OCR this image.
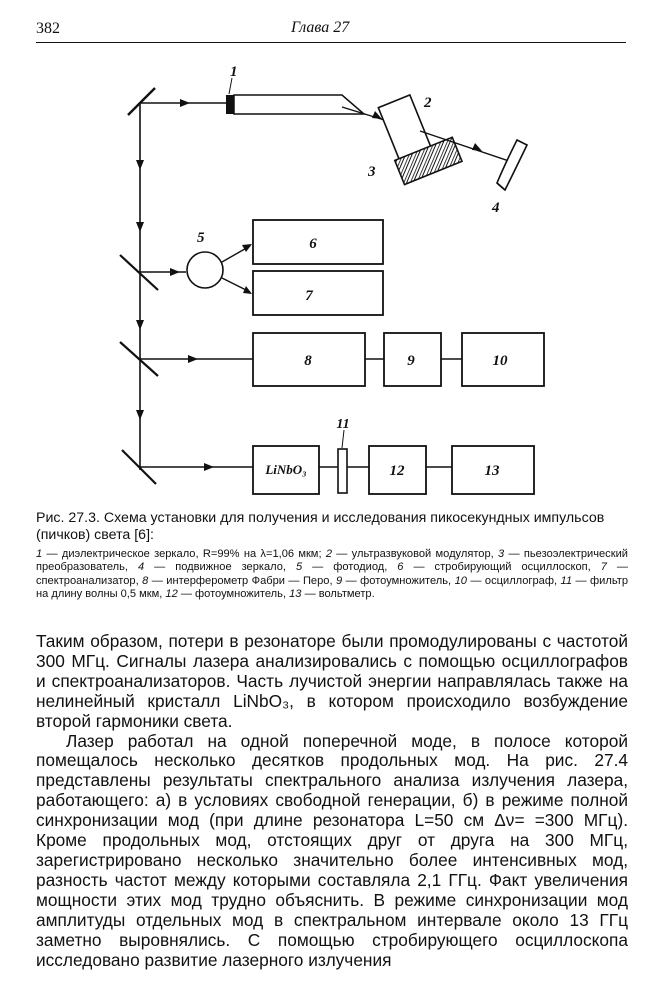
382	Глава 27
1
2
3
4
5	6
7
8	9	10
LiNbO₃
11
12	13

Рис. 27.3. Схема установки для получения и исследования пикосекундных импульсов (пичков) света [6]:

1 — диэлектрическое зеркало, R=99% на λ=1,06 мкм; 2 — ультразвуковой модулятор, 3 — пьезоэлектрический преобразователь, 4 — подвижное зеркало, 5 — фотодиод, 6 — стробирующий осциллоскоп, 7 — спектроанализатор, 8 — интерферометр Фабри — Перо, 9 — фотоумножитель, 10 — осциллограф, 11 — фильтр на длину волны 0,5 мкм, 12 — фотоумножитель, 13 — вольтметр.

Таким образом, потери в резонаторе были промодулированы с частотой 300 МГц. Сигналы лазера анализировались с помощью осциллографов и спектроанализаторов. Часть лучистой энергии направлялась также на нелинейный кристалл LiNbO₃, в котором происходило возбуждение второй гармоники света.

Лазер работал на одной поперечной моде, в полосе которой помещалось несколько десятков продольных мод. На рис. 27.4 представлены результаты спектрального анализа излучения лазера, работающего: а) в условиях свободной генерации, б) в режиме полной синхронизации мод (при длине резонатора L=50 см Δν= =300 МГц). Кроме продольных мод, отстоящих друг от друга на 300 МГц, зарегистрировано несколько значительно более интенсивных мод, разность частот между которыми составляла 2,1 ГГц. Факт увеличения мощности этих мод трудно объяснить. В режиме синхронизации мод амплитуды отдельных мод в спектральном интервале около 13 ГГц заметно выровнялись. С помощью стробирующего осциллоскопа исследовано развитие лазерного излучения
